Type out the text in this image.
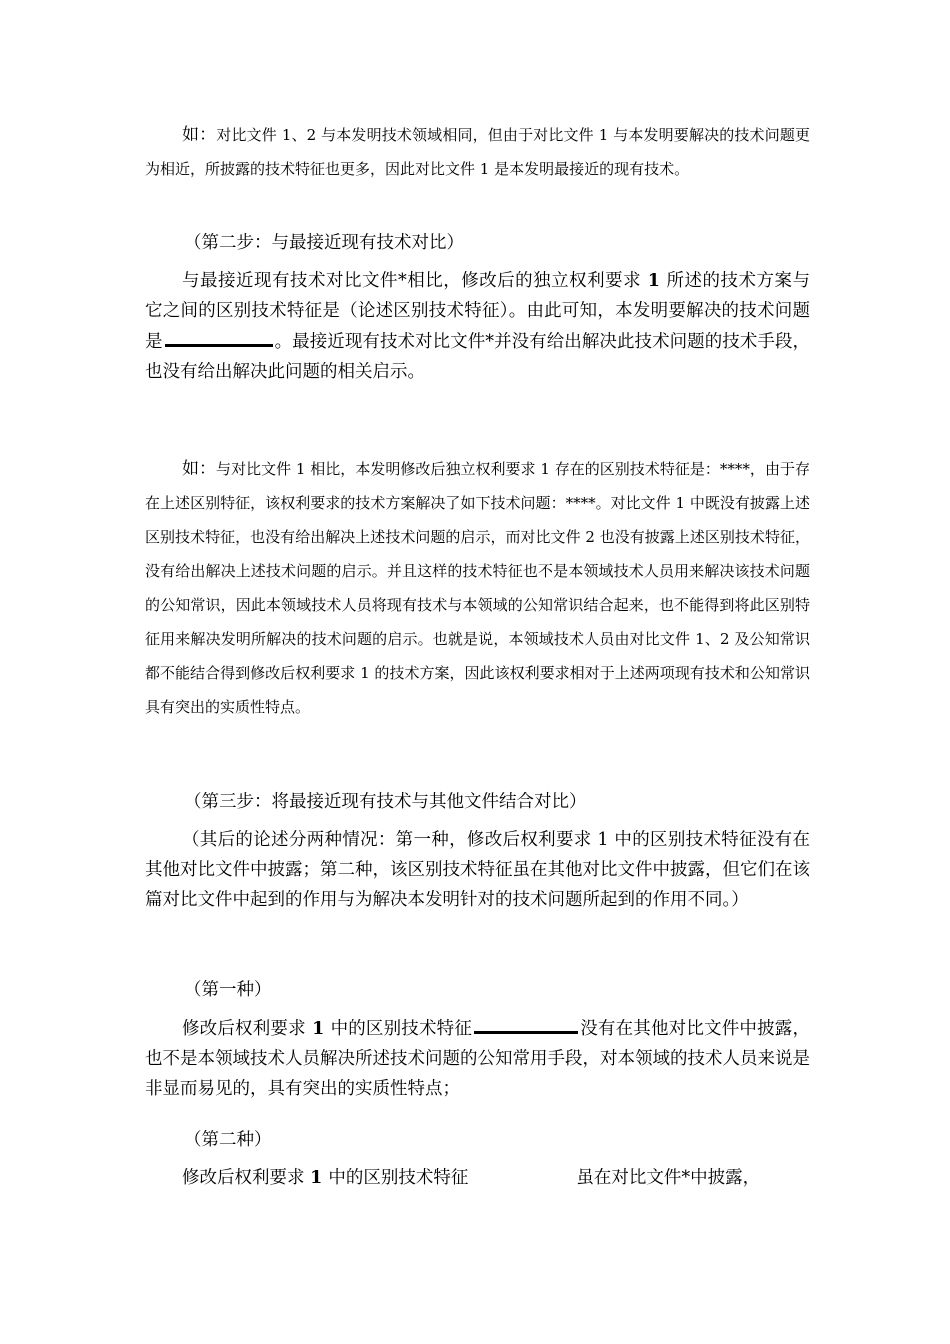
如：对比文件 1、2 与本发明技术领域相同，但由于对比文件 1 与本发明要解决的技术问题更为相近，所披露的技术特征也更多，因此对比文件 1 是本发明最接近的现有技术。
（第二步：与最接近现有技术对比）
与最接近现有技术对比文件*相比，修改后的独立权利要求 1 所述的技术方案与它之间的区别技术特征是（论述区别技术特征）。由此可知，本发明要解决的技术问题是	。最接近现有技术对比文件*并没有给出解决此技术问题的技术手段，也没有给出解决此问题的相关启示。
如：与对比文件 1 相比，本发明修改后独立权利要求 1 存在的区别技术特征是：****，由于存在上述区别特征，该权利要求的技术方案解决了如下技术问题：****。对比文件 1 中既没有披露上述区别技术特征，也没有给出解决上述技术问题的启示，而对比文件 2 也没有披露上述区别技术特征，没有给出解决上述技术问题的启示。并且这样的技术特征也不是本领域技术人员用来解决该技术问题的公知常识，因此本领域技术人员将现有技术与本领域的公知常识结合起来，也不能得到将此区别特征用来解决发明所解决的技术问题的启示。也就是说，本领域技术人员由对比文件 1、2 及公知常识都不能结合得到修改后权利要求 1 的技术方案，因此该权利要求相对于上述两项现有技术和公知常识具有突出的实质性特点。
（第三步：将最接近现有技术与其他文件结合对比）
（其后的论述分两种情况：第一种，修改后权利要求 1 中的区别技术特征没有在其他对比文件中披露；第二种，该区别技术特征虽在其他对比文件中披露，但它们在该篇对比文件中起到的作用与为解决本发明针对的技术问题所起到的作用不同。）
（第一种）
修改后权利要求 1 中的区别技术特征	没有在其他对比文件中披露，也不是本领域技术人员解决所述技术问题的公知常用手段，对本领域的技术人员来说是非显而易见的，具有突出的实质性特点；
（第二种）
修改后权利要求 1 中的区别技术特征	虽在对比文件*中披露，
